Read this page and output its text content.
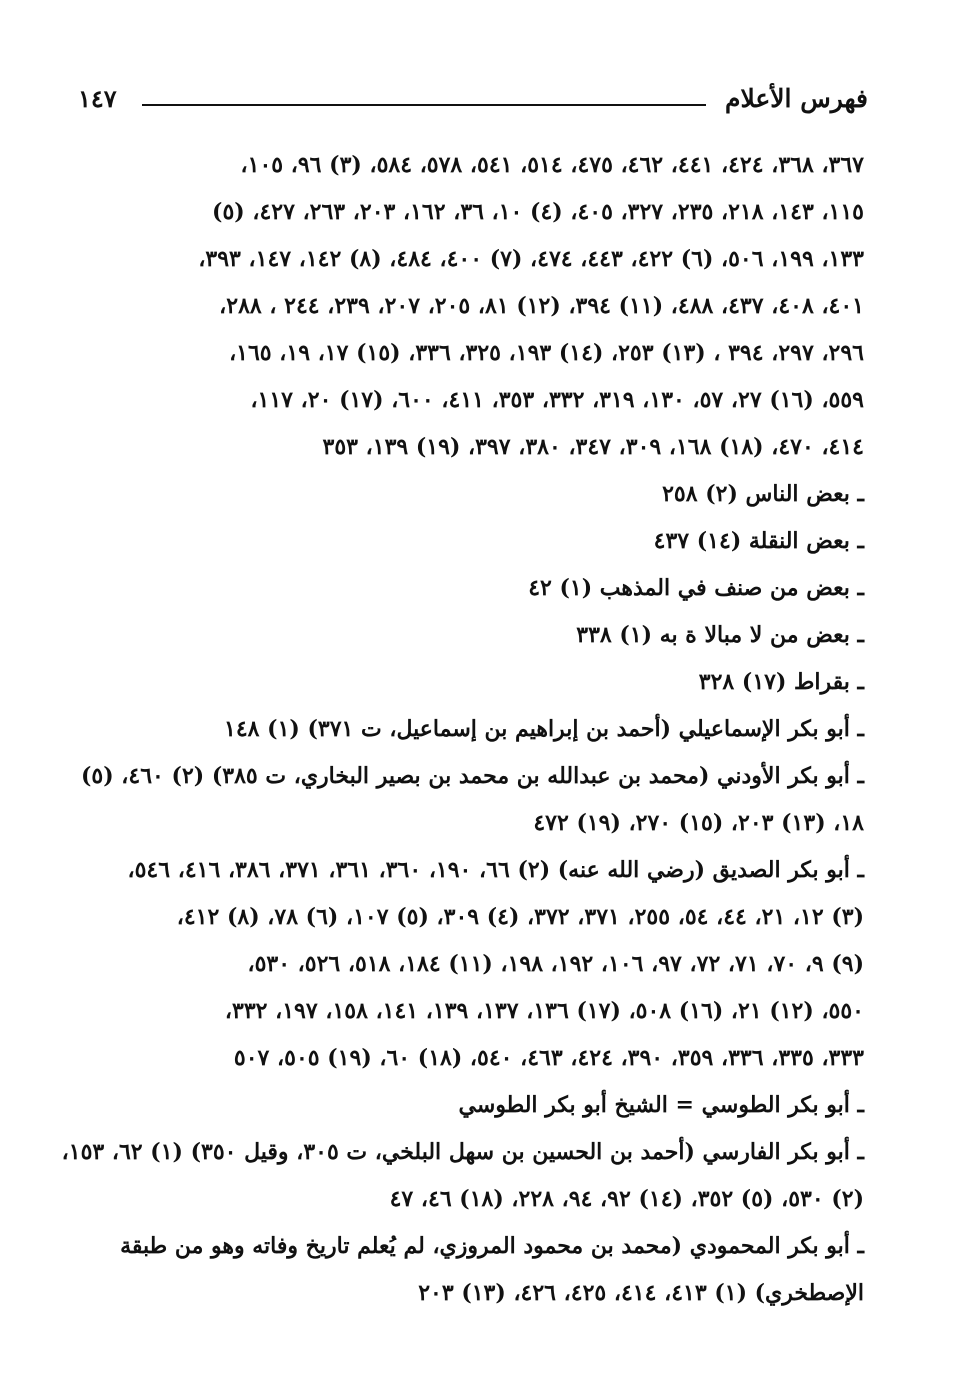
فهرس الأعلام
١٤٧
٣٦٧، ٣٦٨، ٤٢٤، ٤٤١، ٤٦٢، ٤٧٥، ٥١٤، ٥٤١، ٥٧٨، ٥٨٤، (٣) ٩٦، ١٠٥،
١١٥، ١٤٣، ٢١٨، ٢٣٥، ٣٢٧، ٤٠٥، (٤) ١٠، ٣٦، ١٦٢، ٢٠٣، ٢٦٣، ٤٢٧، (٥)
١٣٣، ١٩٩، ٥٠٦، (٦) ٤٢٢، ٤٤٣، ٤٧٤، (٧) ٤٠٠، ٤٨٤، (٨) ١٤٢، ١٤٧، ٣٩٣،
٤٠١، ٤٠٨، ٤٣٧، ٤٨٨، (١١) ٣٩٤، (١٢) ٨١، ٢٠٥، ٢٠٧، ٢٣٩، ٢٤٤ ، ٢٨٨،
٢٩٦، ٢٩٧، ٣٩٤ ، (١٣) ٢٥٣، (١٤) ١٩٣، ٣٢٥، ٣٣٦، (١٥) ١٧، ١٩، ١٦٥،
٥٥٩، (١٦) ٢٧، ٥٧، ١٣٠، ٣١٩، ٣٣٢، ٣٥٣، ٤١١، ٦٠٠، (١٧) ٢٠، ١١٧،
٤١٤، ٤٧٠، (١٨) ١٦٨، ٣٠٩، ٣٤٧، ٣٨٠، ٣٩٧، (١٩) ١٣٩، ٣٥٣
ـ بعض الناس (٢) ٢٥٨
ـ بعض النقلة (١٤) ٤٣٧
ـ بعض من صنف في المذهب (١) ٤٢
ـ بعض من لا مبالا ة به (١) ٣٣٨
ـ بقراط (١٧) ٣٢٨
ـ أبو بكر الإسماعيلي (أحمد بن إبراهيم بن إسماعيل، ت ٣٧١) (١) ١٤٨
ـ أبو بكر الأودني (محمد بن عبدالله بن محمد بن بصير البخاري، ت ٣٨٥) (٢) ٤٦٠، (٥)
١٨، (١٣) ٢٠٣، (١٥) ٢٧٠، (١٩) ٤٧٢
ـ أبو بكر الصديق (رضي الله عنه) (٢) ٦٦، ١٩٠، ٣٦٠، ٣٦١، ٣٧١، ٣٨٦، ٤١٦، ٥٤٦،
(٣) ١٢، ٢١، ٤٤، ٥٤، ٢٥٥، ٣٧١، ٣٧٢، (٤) ٣٠٩، (٥) ١٠٧، (٦) ٧٨، (٨) ٤١٢،
(٩) ٩، ٧٠، ٧١، ٧٢، ٩٧، ١٠٦، ١٩٢، ١٩٨، (١١) ١٨٤، ٥١٨، ٥٢٦، ٥٣٠،
٥٥٠، (١٢) ٢١، (١٦) ٥٠٨، (١٧) ١٣٦، ١٣٧، ١٣٩، ١٤١، ١٥٨، ١٩٧، ٣٣٢،
٣٣٣، ٣٣٥، ٣٣٦، ٣٥٩، ٣٩٠، ٤٢٤، ٤٦٣، ٥٤٠، (١٨) ٦٠، (١٩) ٥٠٥، ٥٠٧
ـ أبو بكر الطوسي = الشيخ أبو بكر الطوسي
ـ أبو بكر الفارسي (أحمد بن الحسين بن سهل البلخي، ت ٣٠٥، وقيل ٣٥٠) (١) ٦٢، ١٥٣،
(٢) ٥٣٠، (٥) ٣٥٢، (١٤) ٩٢، ٩٤، ٢٢٨، (١٨) ٤٦، ٤٧
ـ أبو بكر المحمودي (محمد بن محمود المروزي، لم يُعلم تاريخ وفاته وهو من طبقة
الإصطخري) (١) ٤١٣، ٤١٤، ٤٢٥، ٤٢٦، (١٣) ٢٠٣
